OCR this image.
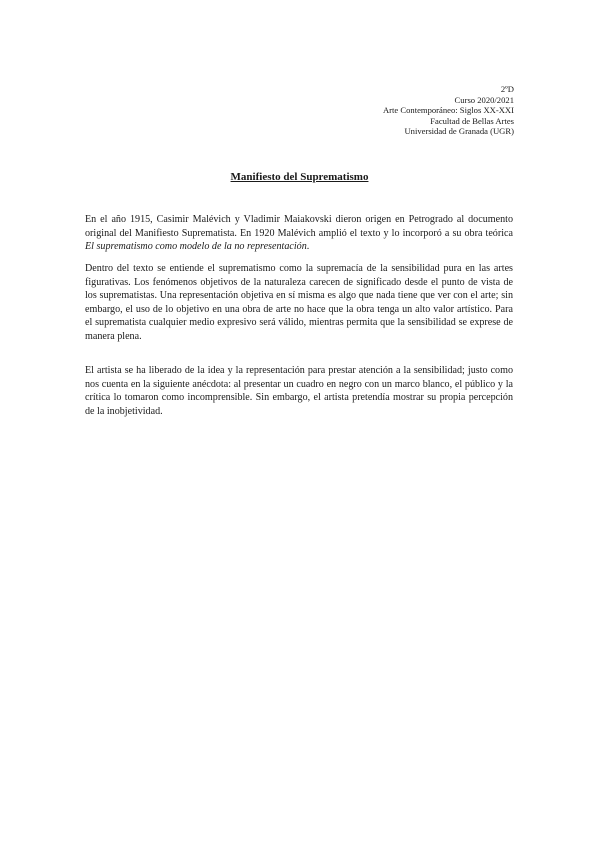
2ºD
Curso 2020/2021
Arte Contemporáneo: Siglos XX-XXI
Facultad de Bellas Artes
Universidad de Granada (UGR)
Manifiesto del Suprematismo

En el año 1915, Casimir Malévich y Vladimir Maiakovski dieron origen en Petrogrado al documento original del Manifiesto Suprematista. En 1920 Malévich amplió el texto y lo incorporó a su obra teórica El suprematismo como modelo de la no representación.

Dentro del texto se entiende el suprematismo como la supremacía de la sensibilidad pura en las artes figurativas. Los fenómenos objetivos de la naturaleza carecen de significado desde el punto de vista de los suprematistas. Una representación objetiva en sí misma es algo que nada tiene que ver con el arte; sin embargo, el uso de lo objetivo en una obra de arte no hace que la obra tenga un alto valor artístico. Para el suprematista cualquier medio expresivo será válido, mientras permita que la sensibilidad se exprese de manera plena.

El artista se ha liberado de la idea y la representación para prestar atención a la sensibilidad; justo como nos cuenta en la siguiente anécdota: al presentar un cuadro en negro con un marco blanco, el público y la crítica lo tomaron como incomprensible. Sin embargo, el artista pretendía mostrar su propia percepción de la inobjetividad.
